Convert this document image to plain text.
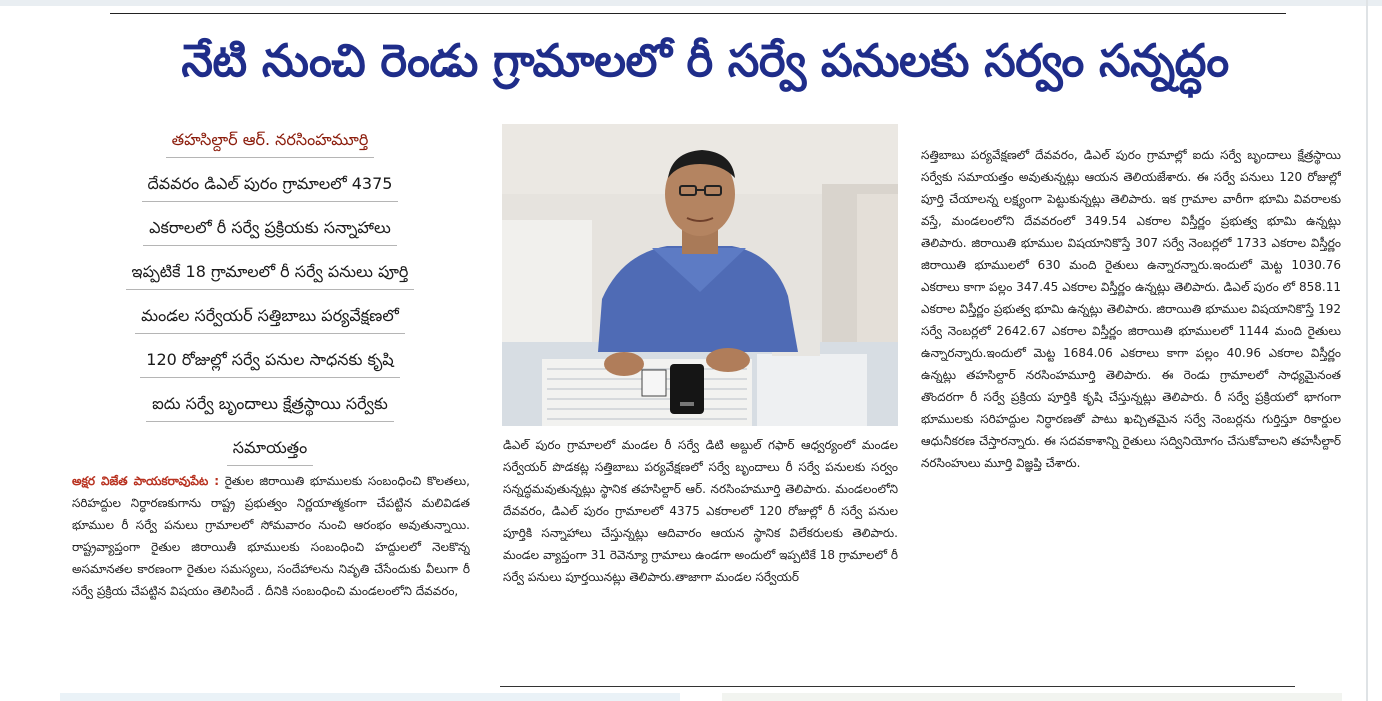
నేటి నుంచి రెండు గ్రామాలలో రీ సర్వే పనులకు సర్వం సన్నద్ధం
తహసిల్దార్ ఆర్. నరసింహమూర్తి
దేవవరం డిఎల్ పురం గ్రామాలలో 4375
ఎకరాలలో రీ సర్వే ప్రక్రియకు సన్నాహాలు
ఇప్పటికే 18 గ్రామాలలో రీ సర్వే పనులు పూర్తి
మండల సర్వేయర్ సత్తిబాబు పర్యవేక్షణలో
120 రోజుల్లో సర్వే పనుల సాధనకు కృషి
ఐదు సర్వే బృందాలు క్షేత్రస్థాయి సర్వేకు
సమాయత్తం

అక్షర విజేత పాయకరావుపేట : రైతుల జిరాయితి భూములకు సంబంధించి కొలతలు, సరిహద్దుల నిర్ధారణకుగాను రాష్ట్ర ప్రభుత్వం నిర్ణయాత్మకంగా చేపట్టిన మలివిడత భూముల రీ సర్వే పనులు గ్రామాలలో సోమవారం నుంచి ఆరంభం అవుతున్నాయి. రాష్ట్రవ్యాప్తంగా రైతుల జిరాయితీ భూములకు సంబంధించి హద్దులలో నెలకొన్న అసమానతల కారణంగా రైతుల సమస్యలు, సందేహాలను నివృతి చేసేందుకు వీలుగా రీ సర్వే ప్రక్రియ చేపట్టిన విషయం తెలిసిందే . దీనికి సంబంధించి మండలంలోని దేవవరం,

డిఎల్ పురం గ్రామాలలో మండల రీ సర్వే డిటి అబ్దుల్ గఫార్ ఆధ్వర్యంలో మండల సర్వేయర్ పొడకట్ల సత్తిబాబు పర్యవేక్షణలో సర్వే బృందాలు రీ సర్వే పనులకు సర్వం సన్నద్ధమవుతున్నట్లు స్థానిక తహసిల్దార్ ఆర్. నరసింహమూర్తి తెలిపారు. మండలంలోని దేవవరం, డిఎల్ పురం గ్రామాలలో 4375 ఎకరాలలో 120 రోజుల్లో రీ సర్వే పనుల పూర్తికి సన్నాహాలు చేస్తున్నట్లు ఆదివారం ఆయన స్థానిక విలేకరులకు తెలిపారు. మండల వ్యాప్తంగా 31 రెవెన్యూ గ్రామాలు ఉండగా అందులో ఇప్పటికే 18 గ్రామాలలో రీ సర్వే పనులు పూర్తయినట్లు తెలిపారు.తాజాగా మండల సర్వేయర్

సత్తిబాబు పర్యవేక్షణలో దేవవరం, డిఎల్ పురం గ్రామాల్లో ఐదు సర్వే బృందాలు క్షేత్రస్థాయి సర్వేకు సమాయత్తం అవుతున్నట్లు ఆయన తెలియజేశారు. ఈ సర్వే పనులు 120 రోజుల్లో పూర్తి చేయాలన్న లక్ష్యంగా పెట్టుకున్నట్లు తెలిపారు. ఇక గ్రామాల వారీగా భూమి వివరాలకు వస్తే, మండలంలోని దేవవరంలో 349.54 ఎకరాల విస్తీర్ణం ప్రభుత్వ భూమి ఉన్నట్లు తెలిపారు. జిరాయితి భూముల విషయానికొస్తే 307 సర్వే నెంబర్లలో 1733 ఎకరాల విస్తీర్ణం జిరాయితి భూములలో 630 మంది రైతులు ఉన్నారన్నారు.ఇందులో మెట్ట 1030.76 ఎకరాలు కాగా పల్లం 347.45 ఎకరాల విస్తీర్ణం ఉన్నట్లు తెలిపారు. డిఎల్ పురం లో 858.11 ఎకరాల విస్తీర్ణం ప్రభుత్వ భూమి ఉన్నట్లు తెలిపారు. జిరాయితి భూముల విషయానికొస్తే 192 సర్వే నెంబర్లలో 2642.67 ఎకరాల విస్తీర్ణం జిరాయితి భూములలో 1144 మంది రైతులు ఉన్నారన్నారు.ఇందులో మెట్ట 1684.06 ఎకరాలు కాగా పల్లం 40.96 ఎకరాల విస్తీర్ణం ఉన్నట్లు తహసిల్దార్ నరసింహమూర్తి తెలిపారు. ఈ రెండు గ్రామాలలో సాధ్యమైనంత తొందరగా రీ సర్వే ప్రక్రియ పూర్తికి కృషి చేస్తున్నట్లు తెలిపారు. రీ సర్వే ప్రక్రియలో భాగంగా భూములకు సరిహద్దుల నిర్ధారణతో పాటు ఖచ్చితమైన సర్వే నెంబర్లను గుర్తిస్తూ రికార్డుల ఆధునీకరణ చేస్తారన్నారు. ఈ సదవకాశాన్ని రైతులు సద్వినియోగం చేసుకోవాలని తహసీల్దార్ నరసింహులు మూర్తి విజ్ఞప్తి చేశారు.
